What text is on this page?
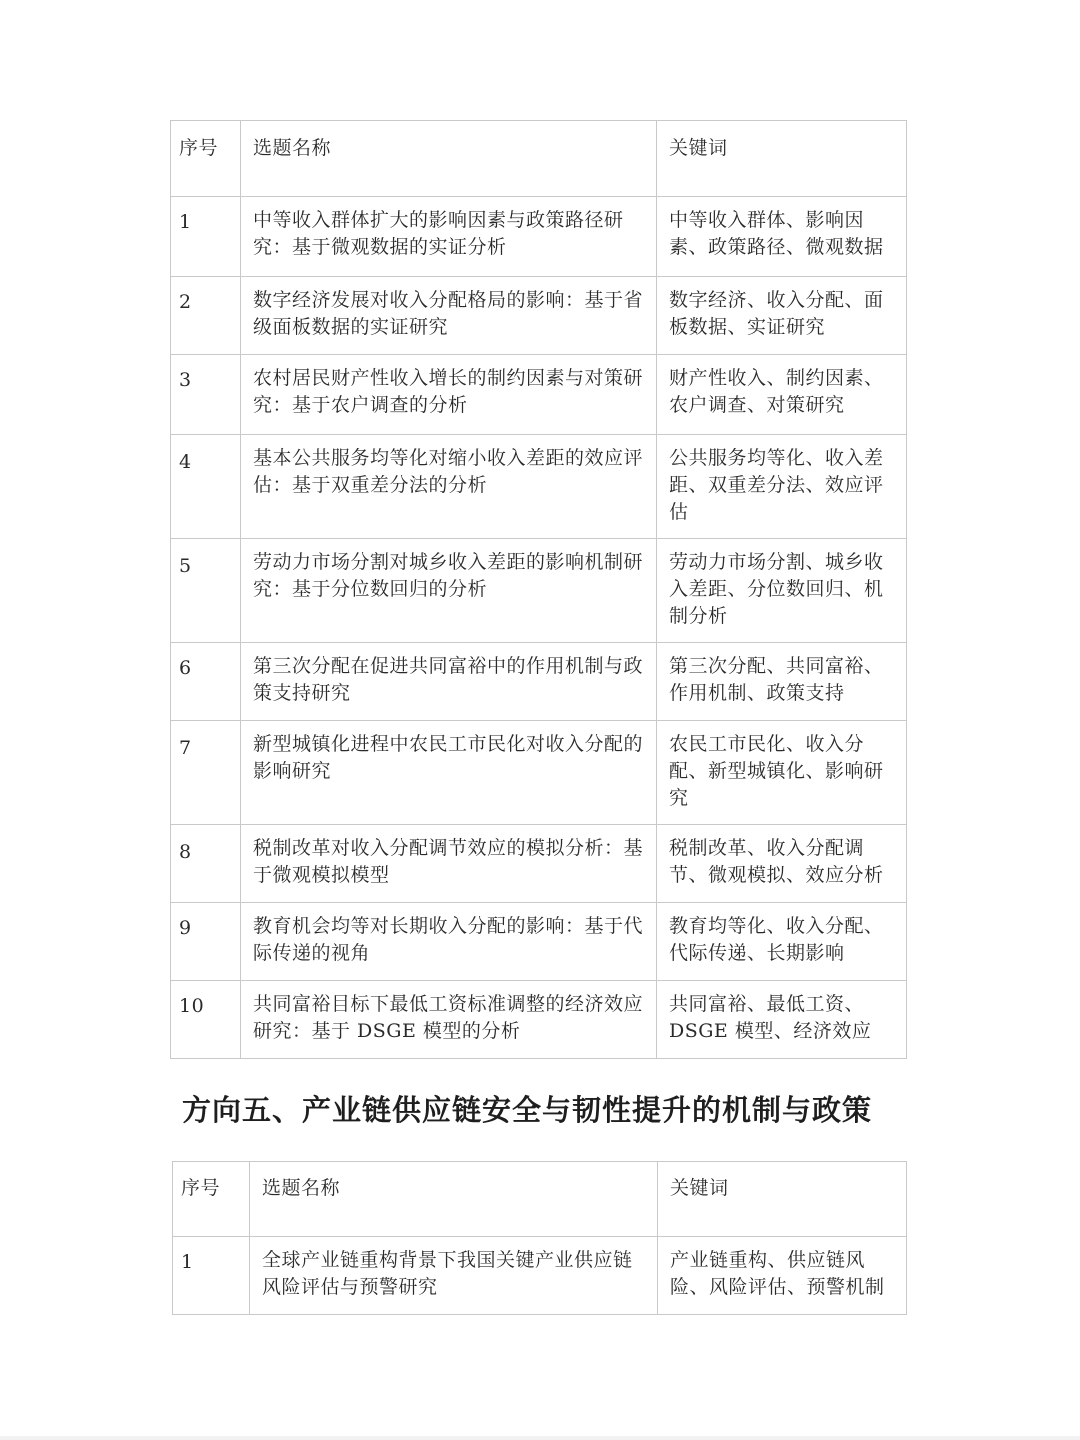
序号	选题名称	关键词
1	中等收入群体扩大的影响因素与政策路径研究：基于微观数据的实证分析	中等收入群体、影响因素、政策路径、微观数据
2	数字经济发展对收入分配格局的影响：基于省级面板数据的实证研究	数字经济、收入分配、面板数据、实证研究
3	农村居民财产性收入增长的制约因素与对策研究：基于农户调查的分析	财产性收入、制约因素、农户调查、对策研究
4	基本公共服务均等化对缩小收入差距的效应评估：基于双重差分法的分析	公共服务均等化、收入差距、双重差分法、效应评估
5	劳动力市场分割对城乡收入差距的影响机制研究：基于分位数回归的分析	劳动力市场分割、城乡收入差距、分位数回归、机制分析
6	第三次分配在促进共同富裕中的作用机制与政策支持研究	第三次分配、共同富裕、作用机制、政策支持
7	新型城镇化进程中农民工市民化对收入分配的影响研究	农民工市民化、收入分配、新型城镇化、影响研究
8	税制改革对收入分配调节效应的模拟分析：基于微观模拟模型	税制改革、收入分配调节、微观模拟、效应分析
9	教育机会均等对长期收入分配的影响：基于代际传递的视角	教育均等化、收入分配、代际传递、长期影响
10	共同富裕目标下最低工资标准调整的经济效应研究：基于 DSGE 模型的分析	共同富裕、最低工资、DSGE 模型、经济效应
方向五、产业链供应链安全与韧性提升的机制与政策
序号	选题名称	关键词
1	全球产业链重构背景下我国关键产业供应链风险评估与预警研究	产业链重构、供应链风险、风险评估、预警机制
